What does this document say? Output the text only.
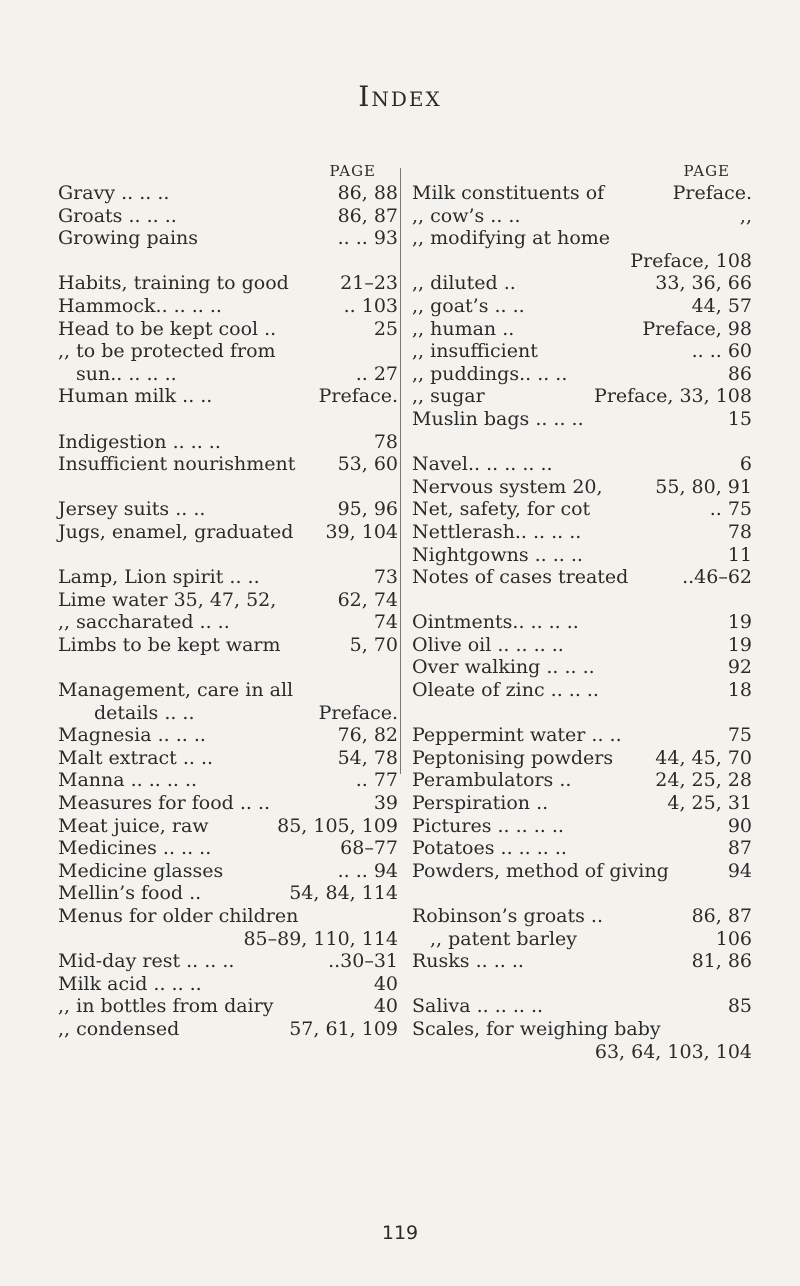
Index
PAGE
Gravy .. .. ..	86, 88
Groats .. .. ..	86, 87
Growing pains	.. .. 93
Habits, training to good	21–23
Hammock.. .. .. ..	.. 103
Head to be kept cool ..	25
,, to be protected from
sun.. .. .. ..	.. 27
Human milk .. ..	Preface.
Indigestion .. .. ..	78
Insufficient nourishment 53, 60
Jersey suits .. ..	95, 96
Jugs, enamel, graduated 39, 104
Lamp, Lion spirit .. ..	73
Lime water 35, 47, 52,	62, 74
,, saccharated .. ..	74
Limbs to be kept warm	5, 70
Management, care in all
details .. ..	Preface.
Magnesia .. .. ..	76, 82
Malt extract .. ..	54, 78
Manna .. .. .. ..	.. 77
Measures for food .. ..	39
Meat juice, raw	85, 105, 109
Medicines .. .. ..	68–77
Medicine glasses	.. .. 94
Mellin’s food ..	54, 84, 114
Menus for older children
85–89, 110, 114
Mid-day rest .. .. ..	..30–31
Milk acid .. .. ..	40
,, in bottles from dairy	40
,, condensed	57, 61, 109
PAGE
Milk constituents of	Preface.
,, cow’s .. ..	,,
,, modifying at home
Preface, 108
,, diluted ..	33, 36, 66
,, goat’s .. ..	44, 57
,, human ..	Preface, 98
,, insufficient	.. .. 60
,, puddings.. .. ..	86
,, sugar	Preface, 33, 108
Muslin bags .. .. ..	15
Navel.. .. .. .. ..	6
Nervous system 20,	55, 80, 91
Net, safety, for cot	.. 75
Nettlerash.. .. .. ..	78
Nightgowns .. .. ..	11
Notes of cases treated	..46–62
Ointments.. .. .. ..	19
Olive oil .. .. .. ..	19
Over walking .. .. ..	92
Oleate of zinc .. .. ..	18
Peppermint water .. ..	75
Peptonising powders 44, 45, 70
Perambulators ..	24, 25, 28
Perspiration ..	4, 25, 31
Pictures .. .. .. ..	90
Potatoes .. .. .. ..	87
Powders, method of giving	94
Robinson’s groats ..	86, 87
,, patent barley	106
Rusks .. .. ..	81, 86
Saliva .. .. .. ..	85
Scales, for weighing baby
63, 64, 103, 104
119
